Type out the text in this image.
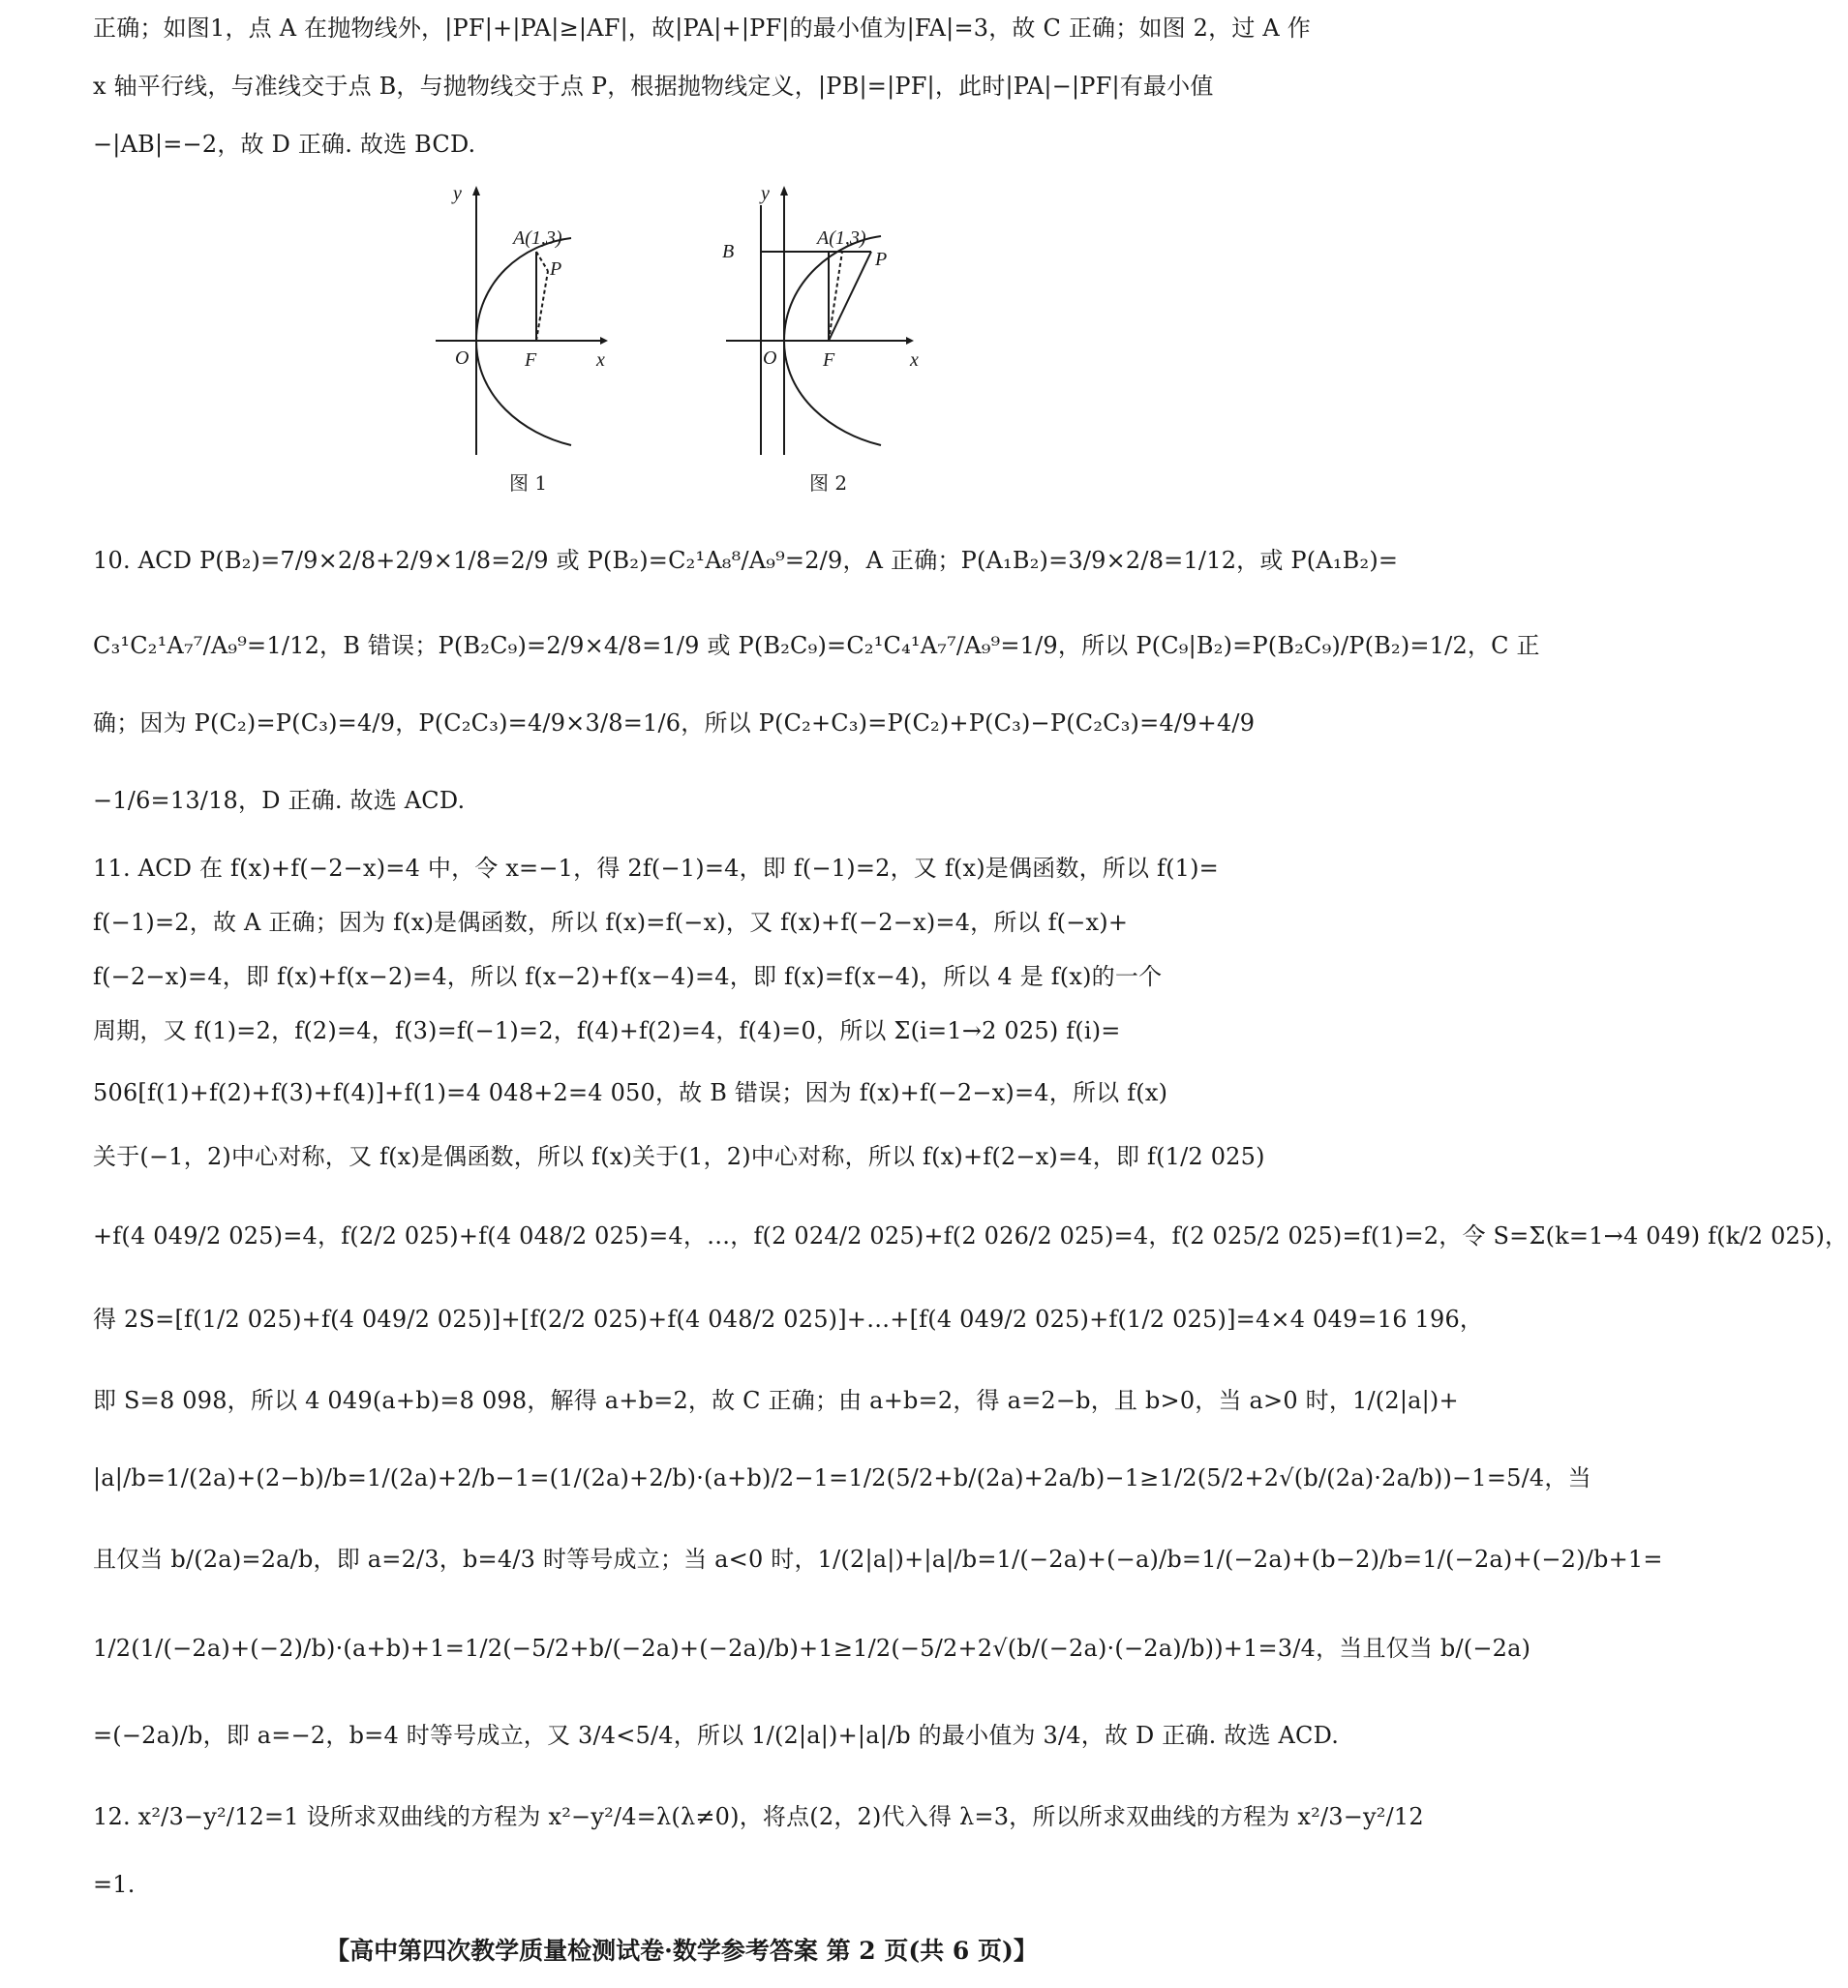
正确；如图1，点 A 在抛物线外，|PF|+|PA|≥|AF|，故|PA|+|PF|的最小值为|FA|=3，故 C 正确；如图 2，过 A 作
x 轴平行线，与准线交于点 B，与抛物线交于点 P，根据抛物线定义，|PB|=|PF|，此时|PA|−|PF|有最小值
−|AB|=−2，故 D 正确. 故选 BCD.
y
x
O	F
P
A(1,3)
图 1
y
x
O F
P
B
A(1,3)
图 2
10. ACD P(B₂)=7/9×2/8+2/9×1/8=2/9 或 P(B₂)=C₂¹A₈⁸/A₉⁹=2/9，A 正确；P(A₁B₂)=3/9×2/8=1/12，或 P(A₁B₂)=
C₃¹C₂¹A₇⁷/A₉⁹=1/12，B 错误；P(B₂C₉)=2/9×4/8=1/9 或 P(B₂C₉)=C₂¹C₄¹A₇⁷/A₉⁹=1/9，所以 P(C₉|B₂)=P(B₂C₉)/P(B₂)=1/2，C 正
确；因为 P(C₂)=P(C₃)=4/9，P(C₂C₃)=4/9×3/8=1/6，所以 P(C₂+C₃)=P(C₂)+P(C₃)−P(C₂C₃)=4/9+4/9
−1/6=13/18，D 正确. 故选 ACD.
11. ACD 在 f(x)+f(−2−x)=4 中，令 x=−1，得 2f(−1)=4，即 f(−1)=2，又 f(x)是偶函数，所以 f(1)=
f(−1)=2，故 A 正确；因为 f(x)是偶函数，所以 f(x)=f(−x)，又 f(x)+f(−2−x)=4，所以 f(−x)+
f(−2−x)=4，即 f(x)+f(x−2)=4，所以 f(x−2)+f(x−4)=4，即 f(x)=f(x−4)，所以 4 是 f(x)的一个
周期，又 f(1)=2，f(2)=4，f(3)=f(−1)=2，f(4)+f(2)=4，f(4)=0，所以 Σ(i=1→2 025) f(i)=
506[f(1)+f(2)+f(3)+f(4)]+f(1)=4 048+2=4 050，故 B 错误；因为 f(x)+f(−2−x)=4，所以 f(x)
关于(−1，2)中心对称，又 f(x)是偶函数，所以 f(x)关于(1，2)中心对称，所以 f(x)+f(2−x)=4，即 f(1/2 025)
+f(4 049/2 025)=4，f(2/2 025)+f(4 048/2 025)=4，…，f(2 024/2 025)+f(2 026/2 025)=4，f(2 025/2 025)=f(1)=2，令 S=Σ(k=1→4 049) f(k/2 025)，
得 2S=[f(1/2 025)+f(4 049/2 025)]+[f(2/2 025)+f(4 048/2 025)]+…+[f(4 049/2 025)+f(1/2 025)]=4×4 049=16 196，
即 S=8 098，所以 4 049(a+b)=8 098，解得 a+b=2，故 C 正确；由 a+b=2，得 a=2−b，且 b>0，当 a>0 时，1/(2|a|)+
|a|/b=1/(2a)+(2−b)/b=1/(2a)+2/b−1=(1/(2a)+2/b)·(a+b)/2−1=1/2(5/2+b/(2a)+2a/b)−1≥1/2(5/2+2√(b/(2a)·2a/b))−1=5/4，当
且仅当 b/(2a)=2a/b，即 a=2/3，b=4/3 时等号成立；当 a<0 时，1/(2|a|)+|a|/b=1/(−2a)+(−a)/b=1/(−2a)+(b−2)/b=1/(−2a)+(−2)/b+1=
1/2(1/(−2a)+(−2)/b)·(a+b)+1=1/2(−5/2+b/(−2a)+(−2a)/b)+1≥1/2(−5/2+2√(b/(−2a)·(−2a)/b))+1=3/4，当且仅当 b/(−2a)
=(−2a)/b，即 a=−2，b=4 时等号成立，又 3/4<5/4，所以 1/(2|a|)+|a|/b 的最小值为 3/4，故 D 正确. 故选 ACD.
12. x²/3−y²/12=1 设所求双曲线的方程为 x²−y²/4=λ(λ≠0)，将点(2，2)代入得 λ=3，所以所求双曲线的方程为 x²/3−y²/12
=1.
【高中第四次教学质量检测试卷·数学参考答案 第 2 页(共 6 页)】
